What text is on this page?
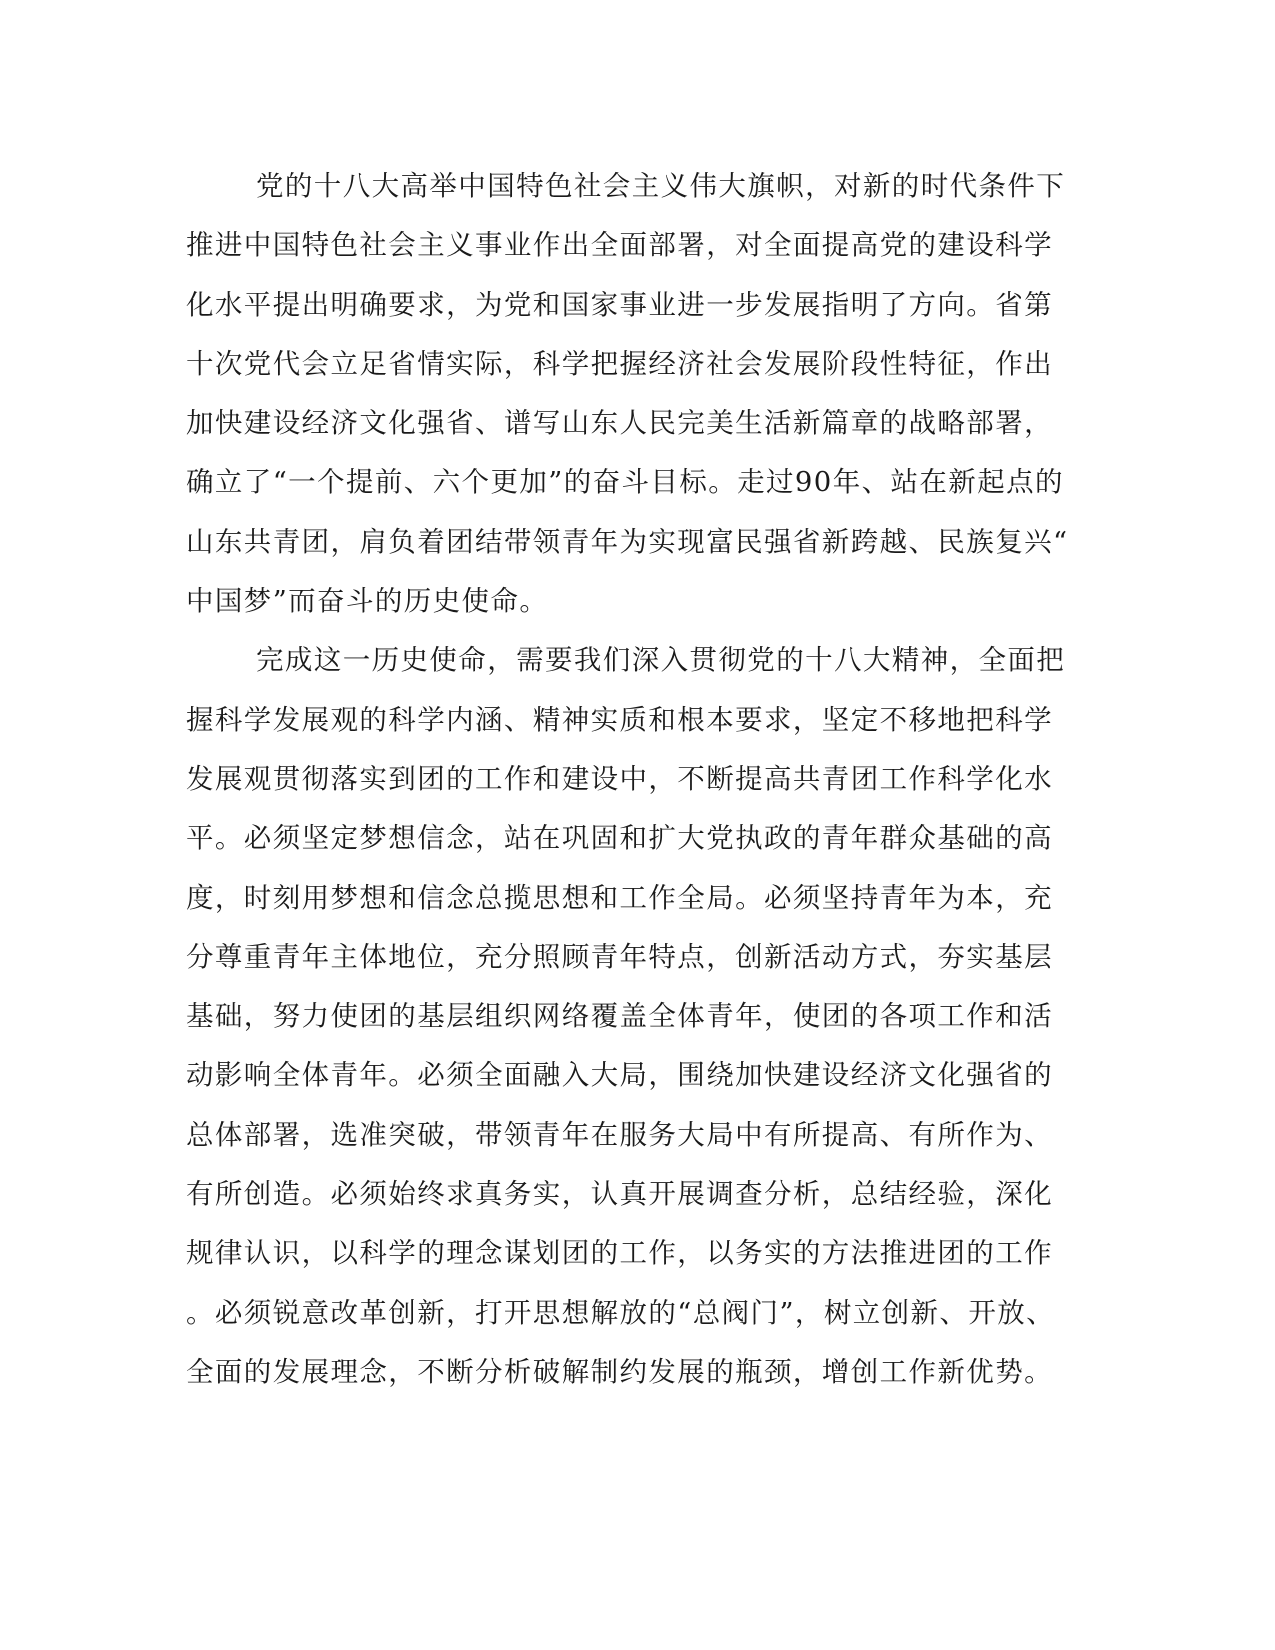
党的十八大高举中国特色社会主义伟大旗帜，对新的时代条件下
推进中国特色社会主义事业作出全面部署，对全面提高党的建设科学
化水平提出明确要求，为党和国家事业进一步发展指明了方向。省第
十次党代会立足省情实际，科学把握经济社会发展阶段性特征，作出
加快建设经济文化强省、谱写山东人民完美生活新篇章的战略部署，
确立了“一个提前、六个更加”的奋斗目标。走过90年、站在新起点的
山东共青团，肩负着团结带领青年为实现富民强省新跨越、民族复兴“
中国梦”而奋斗的历史使命。
完成这一历史使命，需要我们深入贯彻党的十八大精神，全面把
握科学发展观的科学内涵、精神实质和根本要求，坚定不移地把科学
发展观贯彻落实到团的工作和建设中，不断提高共青团工作科学化水
平。必须坚定梦想信念，站在巩固和扩大党执政的青年群众基础的高
度，时刻用梦想和信念总揽思想和工作全局。必须坚持青年为本，充
分尊重青年主体地位，充分照顾青年特点，创新活动方式，夯实基层
基础，努力使团的基层组织网络覆盖全体青年，使团的各项工作和活
动影响全体青年。必须全面融入大局，围绕加快建设经济文化强省的
总体部署，选准突破，带领青年在服务大局中有所提高、有所作为、
有所创造。必须始终求真务实，认真开展调查分析，总结经验，深化
规律认识，以科学的理念谋划团的工作，以务实的方法推进团的工作
。必须锐意改革创新，打开思想解放的“总阀门”，树立创新、开放、
全面的发展理念，不断分析破解制约发展的瓶颈，增创工作新优势。
